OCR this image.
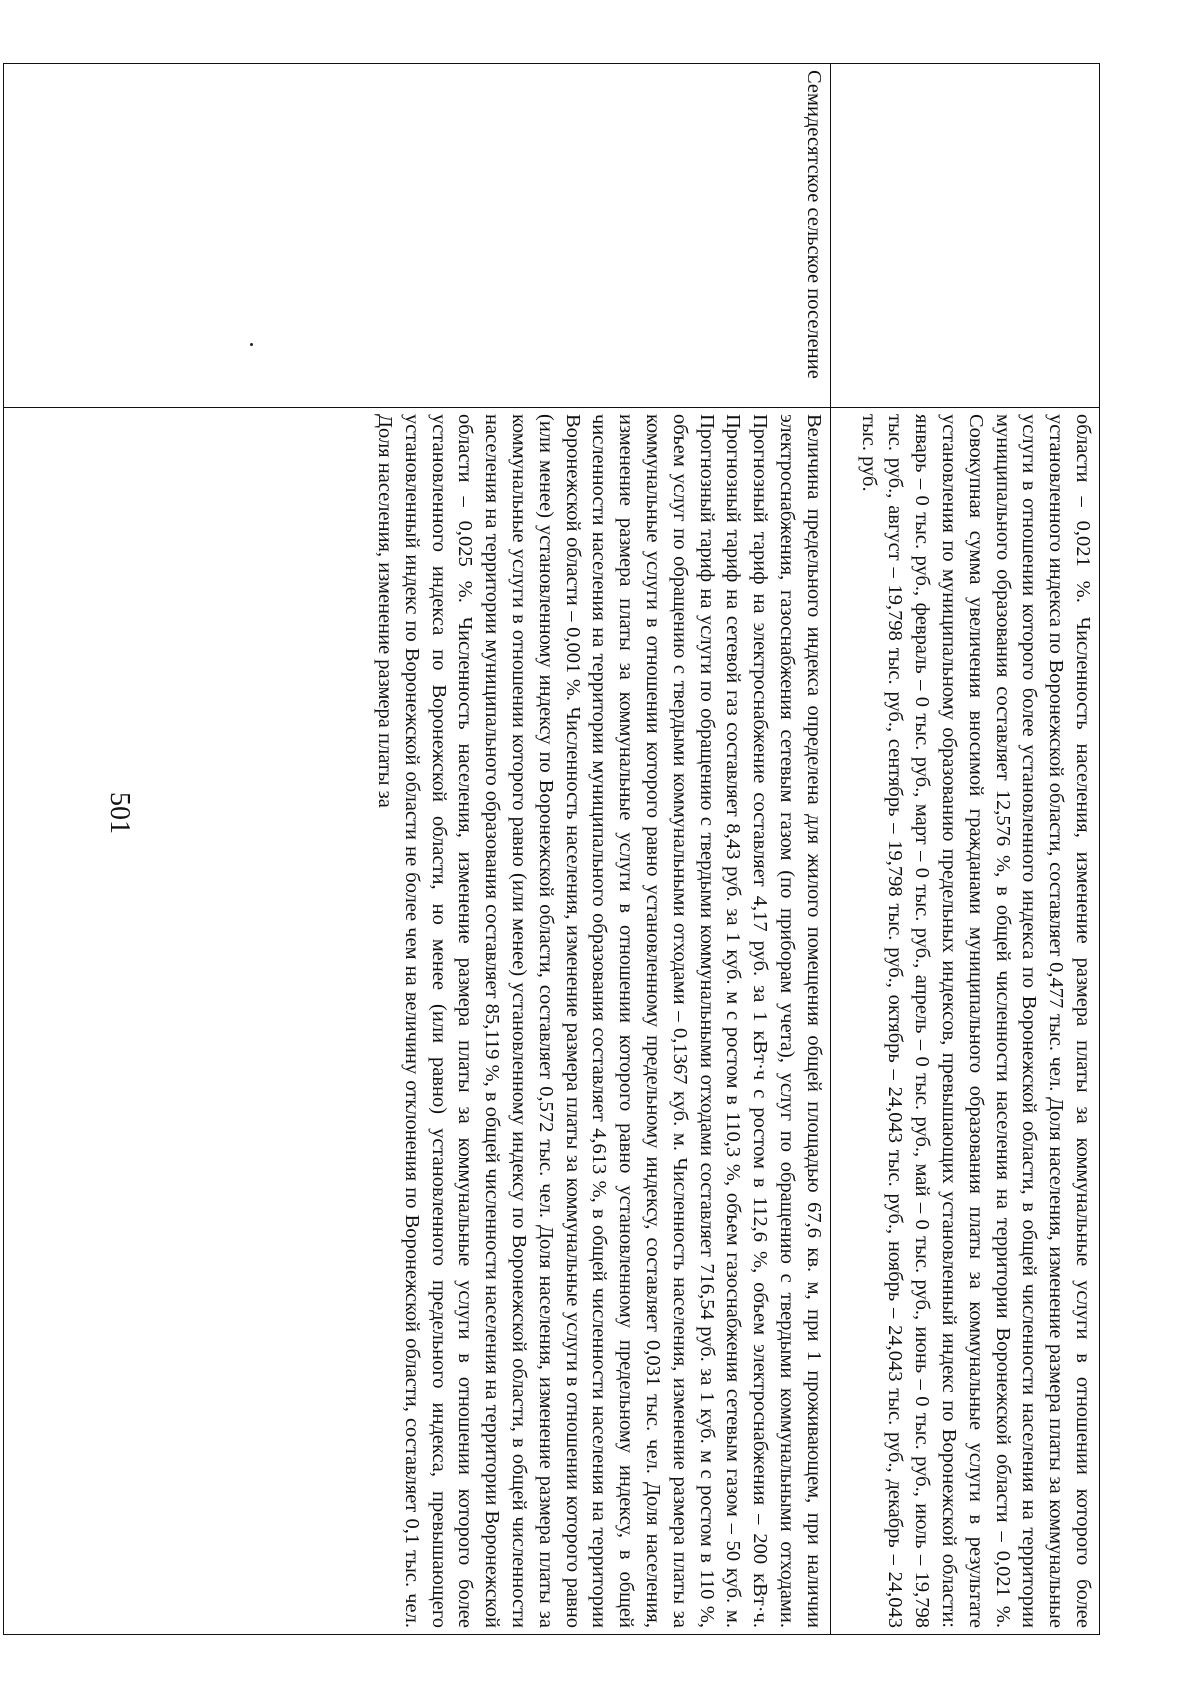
501

	области – 0,021 %. Численность населения, изменение размера платы за коммунальные услуги в отношении которого более установленного индекса по Воронежской области, составляет 0,477 тыс. чел. Доля населения, изменение размера платы за коммунальные услуги в отношении которого более установленного индекса по Воронежской области, в общей численности населения на территории муниципального образования составляет 12,576 %, в общей численности населения на территории Воронежской области – 0,021 %. Совокупная сумма увеличения вносимой гражданами муниципального образования платы за коммунальные услуги в результате установления по муниципальному образованию предельных индексов, превышающих установленный индекс по Воронежской области: январь – 0 тыс. руб., февраль – 0 тыс. руб., март – 0 тыс. руб., апрель – 0 тыс. руб., май – 0 тыс. руб., июнь – 0 тыс. руб., июль – 19,798 тыс. руб., август – 19,798 тыс. руб., сентябрь – 19,798 тыс. руб., октябрь – 24,043 тыс. руб., ноябрь – 24,043 тыс. руб., декабрь – 24,043 тыс. руб.

Семидесятское сельское поселение	Величина предельного индекса определена для жилого помещения общей площадью 67,6 кв. м, при 1 проживающем, при наличии электроснабжения, газоснабжения сетевым газом (по приборам учета), услуг по обращению с твердыми коммунальными отходами. Прогнозный тариф на электроснабжение составляет 4,17 руб. за 1 кВт·ч с ростом в 112,6 %, объем электроснабжения – 200 кВт·ч. Прогнозный тариф на сетевой газ составляет 8,43 руб. за 1 куб. м с ростом в 110,3 %, объем газоснабжения сетевым газом – 50 куб. м. Прогнозный тариф на услуги по обращению с твердыми коммунальными отходами составляет 716,54 руб. за 1 куб. м с ростом в 110 %, объем услуг по обращению с твердыми коммунальными отходами – 0,1367 куб. м. Численность населения, изменение размера платы за коммунальные услуги в отношении которого равно установленному предельному индексу, составляет 0,031 тыс. чел. Доля населения, изменение размера платы за коммунальные услуги в отношении которого равно установленному предельному индексу, в общей численности населения на территории муниципального образования составляет 4,613 %, в общей численности населения на территории Воронежской области – 0,001 %. Численность населения, изменение размера платы за коммунальные услуги в отношении которого равно (или менее) установленному индексу по Воронежской области, составляет 0,572 тыс. чел. Доля населения, изменение размера платы за коммунальные услуги в отношении которого равно (или менее) установленному индексу по Воронежской области, в общей численности населения на территории муниципального образования составляет 85,119 %, в общей численности населения на территории Воронежской области – 0,025 %. Численность населения, изменение размера платы за коммунальные услуги в отношении которого более установленного индекса по Воронежской области, но менее (или равно) установленного предельного индекса, превышающего установленный индекс по Воронежской области не более чем на величину отклонения по Воронежской области, составляет 0,1 тыс. чел. Доля населения, изменение размера платы за
